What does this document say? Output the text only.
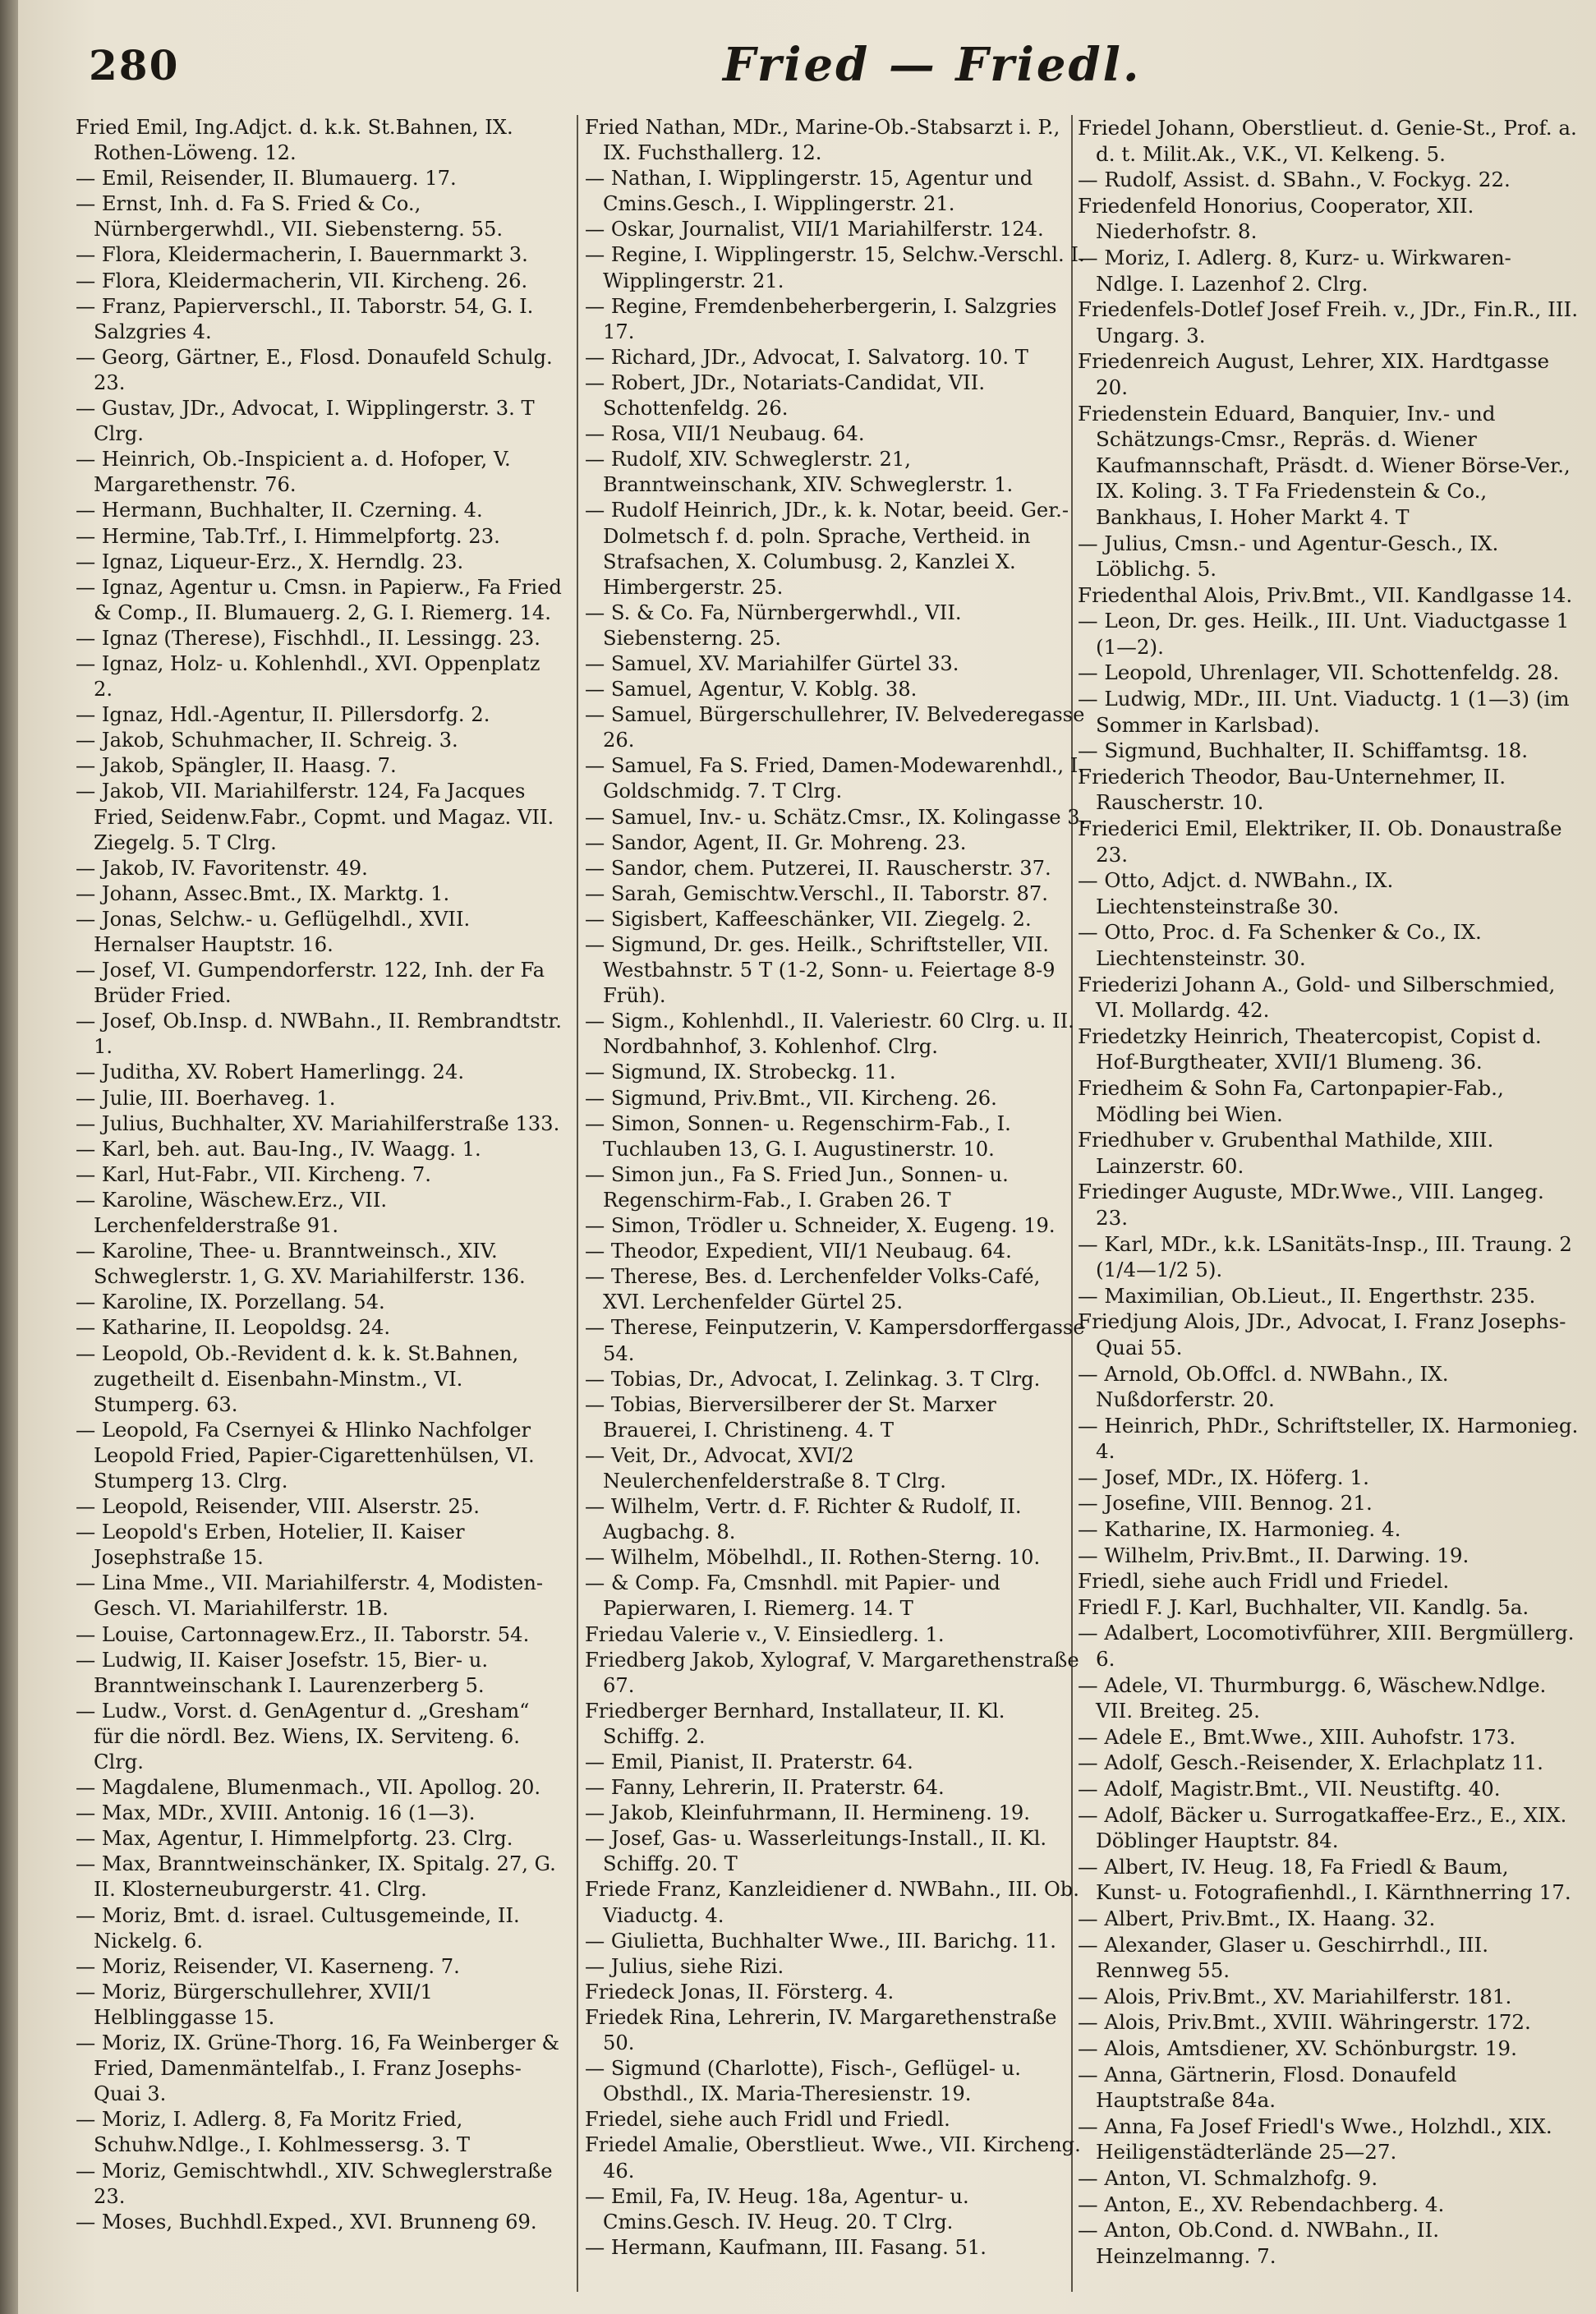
280	Fried — Friedl.
Fried Emil, Ing.Adjct. d. k.k. St.Bahnen, IX. Rothen-Löweng. 12.
— Emil, Reisender, II. Blumauerg. 17.
— Ernst, Inh. d. Fa S. Fried & Co., Nürnbergerwhdl., VII. Siebensterng. 55.
— Flora, Kleidermacherin, I. Bauernmarkt 3.
— Flora, Kleidermacherin, VII. Kircheng. 26.
— Franz, Papierverschl., II. Taborstr. 54, G. I. Salzgries 4.
— Georg, Gärtner, E., Flosd. Donaufeld Schulg. 23.
— Gustav, JDr., Advocat, I. Wipplingerstr. 3. T Clrg.
— Heinrich, Ob.-Inspicient a. d. Hofoper, V. Margarethenstr. 76.
— Hermann, Buchhalter, II. Czerning. 4.
— Hermine, Tab.Trf., I. Himmelpfortg. 23.
— Ignaz, Liqueur-Erz., X. Herndlg. 23.
— Ignaz, Agentur u. Cmsn. in Papierw., Fa Fried & Comp., II. Blumauerg. 2, G. I. Riemerg. 14.
— Ignaz (Therese), Fischhdl., II. Lessingg. 23.
— Ignaz, Holz- u. Kohlenhdl., XVI. Oppenplatz 2.
— Ignaz, Hdl.-Agentur, II. Pillersdorfg. 2.
— Jakob, Schuhmacher, II. Schreig. 3.
— Jakob, Spängler, II. Haasg. 7.
— Jakob, VII. Mariahilferstr. 124, Fa Jacques Fried, Seidenw.Fabr., Copmt. und Magaz. VII. Ziegelg. 5. T Clrg.
— Jakob, IV. Favoritenstr. 49.
— Johann, Assec.Bmt., IX. Marktg. 1.
— Jonas, Selchw.- u. Geflügelhdl., XVII. Hernalser Hauptstr. 16.
— Josef, VI. Gumpendorferstr. 122, Inh. der Fa Brüder Fried.
— Josef, Ob.Insp. d. NWBahn., II. Rembrandtstr. 1.
— Juditha, XV. Robert Hamerlingg. 24.
— Julie, III. Boerhaveg. 1.
— Julius, Buchhalter, XV. Mariahilferstraße 133.
— Karl, beh. aut. Bau-Ing., IV. Waagg. 1.
— Karl, Hut-Fabr., VII. Kircheng. 7.
— Karoline, Wäschew.Erz., VII. Lerchenfelderstraße 91.
— Karoline, Thee- u. Branntweinsch., XIV. Schweglerstr. 1, G. XV. Mariahilferstr. 136.
— Karoline, IX. Porzellang. 54.
— Katharine, II. Leopoldsg. 24.
— Leopold, Ob.-Revident d. k. k. St.Bahnen, zugetheilt d. Eisenbahn-Minstm., VI. Stumperg. 63.
— Leopold, Fa Csernyei & Hlinko Nachfolger Leopold Fried, Papier-Cigarettenhülsen, VI. Stumperg 13. Clrg.
— Leopold, Reisender, VIII. Alserstr. 25.
— Leopold's Erben, Hotelier, II. Kaiser Josephstraße 15.
— Lina Mme., VII. Mariahilferstr. 4, Modisten-Gesch. VI. Mariahilferstr. 1B.
— Louise, Cartonnagew.Erz., II. Taborstr. 54.
— Ludwig, II. Kaiser Josefstr. 15, Bier- u. Branntweinschank I. Laurenzerberg 5.
— Ludw., Vorst. d. GenAgentur d. „Gresham“ für die nördl. Bez. Wiens, IX. Serviteng. 6. Clrg.
— Magdalene, Blumenmach., VII. Apollog. 20.
— Max, MDr., XVIII. Antonig. 16 (1—3).
— Max, Agentur, I. Himmelpfortg. 23. Clrg.
— Max, Branntweinschänker, IX. Spitalg. 27, G. II. Klosterneuburgerstr. 41. Clrg.
— Moriz, Bmt. d. israel. Cultusgemeinde, II. Nickelg. 6.
— Moriz, Reisender, VI. Kaserneng. 7.
— Moriz, Bürgerschullehrer, XVII/1 Helblinggasse 15.
— Moriz, IX. Grüne-Thorg. 16, Fa Weinberger & Fried, Damenmäntelfab., I. Franz Josephs-Quai 3.
— Moriz, I. Adlerg. 8, Fa Moritz Fried, Schuhw.Ndlge., I. Kohlmessersg. 3. T
— Moriz, Gemischtwhdl., XIV. Schweglerstraße 23.
— Moses, Buchhdl.Exped., XVI. Brunneng 69.
Fried Nathan, MDr., Marine-Ob.-Stabsarzt i. P., IX. Fuchsthallerg. 12.
— Nathan, I. Wipplingerstr. 15, Agentur und Cmins.Gesch., I. Wipplingerstr. 21.
— Oskar, Journalist, VII/1 Mariahilferstr. 124.
— Regine, I. Wipplingerstr. 15, Selchw.-Verschl. I. Wipplingerstr. 21.
— Regine, Fremdenbeherbergerin, I. Salzgries 17.
— Richard, JDr., Advocat, I. Salvatorg. 10. T
— Robert, JDr., Notariats-Candidat, VII. Schottenfeldg. 26.
— Rosa, VII/1 Neubaug. 64.
— Rudolf, XIV. Schweglerstr. 21, Branntweinschank, XIV. Schweglerstr. 1.
— Rudolf Heinrich, JDr., k. k. Notar, beeid. Ger.-Dolmetsch f. d. poln. Sprache, Vertheid. in Strafsachen, X. Columbusg. 2, Kanzlei X. Himbergerstr. 25.
— S. & Co. Fa, Nürnbergerwhdl., VII. Siebensterng. 25.
— Samuel, XV. Mariahilfer Gürtel 33.
— Samuel, Agentur, V. Koblg. 38.
— Samuel, Bürgerschullehrer, IV. Belvederegasse 26.
— Samuel, Fa S. Fried, Damen-Modewarenhdl., I. Goldschmidg. 7. T Clrg.
— Samuel, Inv.- u. Schätz.Cmsr., IX. Kolingasse 3.
— Sandor, Agent, II. Gr. Mohreng. 23.
— Sandor, chem. Putzerei, II. Rauscherstr. 37.
— Sarah, Gemischtw.Verschl., II. Taborstr. 87.
— Sigisbert, Kaffeeschänker, VII. Ziegelg. 2.
— Sigmund, Dr. ges. Heilk., Schriftsteller, VII. Westbahnstr. 5 T (1-2, Sonn- u. Feiertage 8-9 Früh).
— Sigm., Kohlenhdl., II. Valeriestr. 60 Clrg. u. II. Nordbahnhof, 3. Kohlenhof. Clrg.
— Sigmund, IX. Strobeckg. 11.
— Sigmund, Priv.Bmt., VII. Kircheng. 26.
— Simon, Sonnen- u. Regenschirm-Fab., I. Tuchlauben 13, G. I. Augustinerstr. 10.
— Simon jun., Fa S. Fried Jun., Sonnen- u. Regenschirm-Fab., I. Graben 26. T
— Simon, Trödler u. Schneider, X. Eugeng. 19.
— Theodor, Expedient, VII/1 Neubaug. 64.
— Therese, Bes. d. Lerchenfelder Volks-Café, XVI. Lerchenfelder Gürtel 25.
— Therese, Feinputzerin, V. Kampersdorffergasse 54.
— Tobias, Dr., Advocat, I. Zelinkag. 3. T Clrg.
— Tobias, Bierversilberer der St. Marxer Brauerei, I. Christineng. 4. T
— Veit, Dr., Advocat, XVI/2 Neulerchenfelderstraße 8. T Clrg.
— Wilhelm, Vertr. d. F. Richter & Rudolf, II. Augbachg. 8.
— Wilhelm, Möbelhdl., II. Rothen-Sterng. 10.
— & Comp. Fa, Cmsnhdl. mit Papier- und Papierwaren, I. Riemerg. 14. T
Friedau Valerie v., V. Einsiedlerg. 1.
Friedberg Jakob, Xylograf, V. Margarethenstraße 67.
Friedberger Bernhard, Installateur, II. Kl. Schiffg. 2.
— Emil, Pianist, II. Praterstr. 64.
— Fanny, Lehrerin, II. Praterstr. 64.
— Jakob, Kleinfuhrmann, II. Hermineng. 19.
— Josef, Gas- u. Wasserleitungs-Install., II. Kl. Schiffg. 20. T
Friede Franz, Kanzleidiener d. NWBahn., III. Ob. Viaductg. 4.
— Giulietta, Buchhalter Wwe., III. Barichg. 11.
— Julius, siehe Rizi.
Friedeck Jonas, II. Försterg. 4.
Friedek Rina, Lehrerin, IV. Margarethenstraße 50.
— Sigmund (Charlotte), Fisch-, Geflügel- u. Obsthdl., IX. Maria-Theresienstr. 19.
Friedel, siehe auch Fridl und Friedl.
Friedel Amalie, Oberstlieut. Wwe., VII. Kircheng. 46.
— Emil, Fa, IV. Heug. 18a, Agentur- u. Cmins.Gesch. IV. Heug. 20. T Clrg.
— Hermann, Kaufmann, III. Fasang. 51.
Friedel Johann, Oberstlieut. d. Genie-St., Prof. a. d. t. Milit.Ak., V.K., VI. Kelkeng. 5.
— Rudolf, Assist. d. SBahn., V. Fockyg. 22.
Friedenfeld Honorius, Cooperator, XII. Niederhofstr. 8.
— Moriz, I. Adlerg. 8, Kurz- u. Wirkwaren-Ndlge. I. Lazenhof 2. Clrg.
Friedenfels-Dotlef Josef Freih. v., JDr., Fin.R., III. Ungarg. 3.
Friedenreich August, Lehrer, XIX. Hardtgasse 20.
Friedenstein Eduard, Banquier, Inv.- und Schätzungs-Cmsr., Repräs. d. Wiener Kaufmannschaft, Präsdt. d. Wiener Börse-Ver., IX. Koling. 3. T Fa Friedenstein & Co., Bankhaus, I. Hoher Markt 4. T
— Julius, Cmsn.- und Agentur-Gesch., IX. Löblichg. 5.
Friedenthal Alois, Priv.Bmt., VII. Kandlgasse 14.
— Leon, Dr. ges. Heilk., III. Unt. Viaductgasse 1 (1—2).
— Leopold, Uhrenlager, VII. Schottenfeldg. 28.
— Ludwig, MDr., III. Unt. Viaductg. 1 (1—3) (im Sommer in Karlsbad).
— Sigmund, Buchhalter, II. Schiffamtsg. 18.
Friederich Theodor, Bau-Unternehmer, II. Rauscherstr. 10.
Friederici Emil, Elektriker, II. Ob. Donaustraße 23.
— Otto, Adjct. d. NWBahn., IX. Liechtensteinstraße 30.
— Otto, Proc. d. Fa Schenker & Co., IX. Liechtensteinstr. 30.
Friederizi Johann A., Gold- und Silberschmied, VI. Mollardg. 42.
Friedetzky Heinrich, Theatercopist, Copist d. Hof-Burgtheater, XVII/1 Blumeng. 36.
Friedheim & Sohn Fa, Cartonpapier-Fab., Mödling bei Wien.
Friedhuber v. Grubenthal Mathilde, XIII. Lainzerstr. 60.
Friedinger Auguste, MDr.Wwe., VIII. Langeg. 23.
— Karl, MDr., k.k. LSanitäts-Insp., III. Traung. 2 (1/4—1/2 5).
— Maximilian, Ob.Lieut., II. Engerthstr. 235.
Friedjung Alois, JDr., Advocat, I. Franz Josephs-Quai 55.
— Arnold, Ob.Offcl. d. NWBahn., IX. Nußdorferstr. 20.
— Heinrich, PhDr., Schriftsteller, IX. Harmonieg. 4.
— Josef, MDr., IX. Höferg. 1.
— Josefine, VIII. Bennog. 21.
— Katharine, IX. Harmonieg. 4.
— Wilhelm, Priv.Bmt., II. Darwing. 19.
Friedl, siehe auch Fridl und Friedel.
Friedl F. J. Karl, Buchhalter, VII. Kandlg. 5a.
— Adalbert, Locomotivführer, XIII. Bergmüllerg. 6.
— Adele, VI. Thurmburgg. 6, Wäschew.Ndlge. VII. Breiteg. 25.
— Adele E., Bmt.Wwe., XIII. Auhofstr. 173.
— Adolf, Gesch.-Reisender, X. Erlachplatz 11.
— Adolf, Magistr.Bmt., VII. Neustiftg. 40.
— Adolf, Bäcker u. Surrogatkaffee-Erz., E., XIX. Döblinger Hauptstr. 84.
— Albert, IV. Heug. 18, Fa Friedl & Baum, Kunst- u. Fotografienhdl., I. Kärnthnerring 17.
— Albert, Priv.Bmt., IX. Haang. 32.
— Alexander, Glaser u. Geschirrhdl., III. Rennweg 55.
— Alois, Priv.Bmt., XV. Mariahilferstr. 181.
— Alois, Priv.Bmt., XVIII. Währingerstr. 172.
— Alois, Amtsdiener, XV. Schönburgstr. 19.
— Anna, Gärtnerin, Flosd. Donaufeld Hauptstraße 84a.
— Anna, Fa Josef Friedl's Wwe., Holzhdl., XIX. Heiligenstädterlände 25—27.
— Anton, VI. Schmalzhofg. 9.
— Anton, E., XV. Rebendachberg. 4.
— Anton, Ob.Cond. d. NWBahn., II. Heinzelmanng. 7.
